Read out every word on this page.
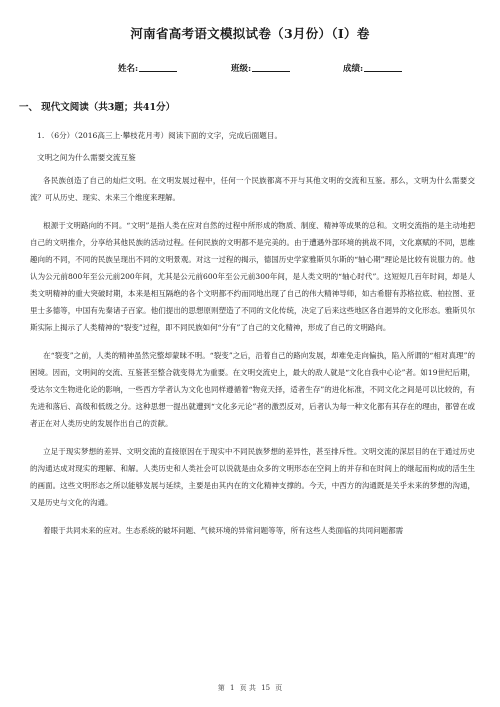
河南省高考语文模拟试卷（3月份）（I）卷
姓名:	班级:	成绩:
一、 现代文阅读（共3题；共41分）
1. （6分）（2016高三上·攀枝花月考）阅读下面的文字，完成后面题目。
文明之间为什么需要交流互鉴

各民族创造了自己的灿烂文明。在文明发展过程中，任何一个民族都离不开与其他文明的交流和互鉴。那么，文明为什么需要交流？可从历史、现实、未来三个维度来理解。

根源于文明路向的不同。“文明”是指人类在应对自然的过程中所形成的物质、制度、精神等成果的总和。文明交流指的是主动地把自己的文明推介，分享给其他民族的活动过程。任何民族的文明都不是完美的。由于遭遇外部环境的挑战不同，文化禀赋的不同，思维趣向的不同，不同的民族呈现出不同的文明景观。对这一过程的揭示，德国历史学家雅斯贝尔斯的“轴心期”理论是比较有说服力的。他认为公元前800年至公元前200年间，尤其是公元前600年至公元前300年间，是人类文明的“轴心时代”。这短短几百年时间，却是人类文明精神的重大突破时期，本来是相互隔绝的各个文明都不约而同地出现了自己的伟大精神导师，如古希腊有苏格拉底、柏拉图、亚里士多德等，中国有先秦诸子百家。他们提出的思想原则塑造了不同的文化传统，决定了后来这些地区各自迥异的文化形态。雅斯贝尔斯实际上揭示了人类精神的“裂变”过程，即不同民族如何“分有”了自己的文化精神，形成了自己的文明路向。

在“裂变”之前，人类的精神虽然完整却蒙昧不明。“裂变”之后，沿着自己的路向发展，却难免走向偏执，陷入所谓的“相对真理”的困境。因而，文明间的交流、互鉴甚至整合就变得尤为重要。在文明交流史上，最大的敌人就是“文化自我中心论”者。如19世纪后期，受达尔文生物进化论的影响，一些西方学者认为文化也同样遵循着“物竞天择，适者生存”的进化标准，不同文化之间是可以比较的，有先进和落后、高级和低级之分。这种思想一提出就遭到“文化多元论”者的激烈反对，后者认为每一种文化都有其存在的理由，都曾在或者正在对人类历史的发展作出自己的贡献。

立足于现实梦想的差异、文明交流的直接原因在于现实中不同民族梦想的差异性，甚至排斥性。文明交流的深层目的在于通过历史的沟通达成对现实的理解、和解。人类历史和人类社会可以说就是由众多的文明形态在空间上的并存和在时间上的继起而构成的活生生的画面。这些文明形态之所以能够发展与延续，主要是由其内在的文化精神支撑的。今天，中西方的沟通既是关乎未来的梦想的沟通，又是历史与文化的沟通。

着眼于共同未来的应对。生态系统的破坏问题、气候环境的异常问题等等，所有这些人类面临的共同问题都需

第 1 页 共 15 页
